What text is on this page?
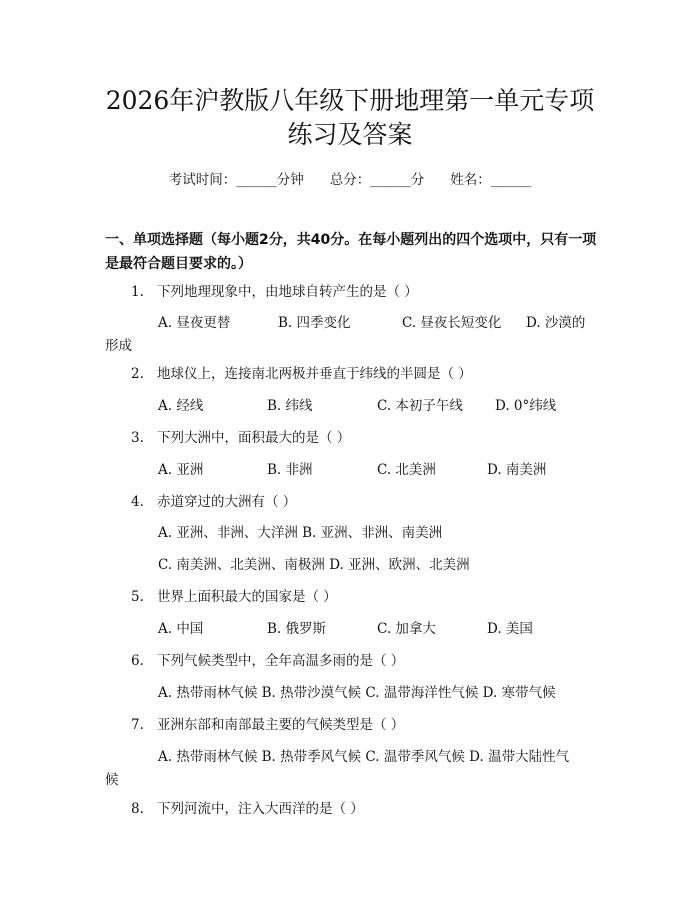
2026年沪教版八年级下册地理第一单元专项
练习及答案
考试时间：______分钟 总分：______分 姓名：______
一、单项选择题（每小题2分，共40分。在每小题列出的四个选项中，只有一项是最符合题目要求的。）
1. 下列地理现象中，由地球自转产生的是（ ）
A. 昼夜更替	B. 四季变化	C. 昼夜长短变化 D. 沙漠的
形成
2. 地球仪上，连接南北两极并垂直于纬线的半圆是（ ）
A. 经线	B. 纬线	C. 本初子午线 D. 0°纬线
3. 下列大洲中，面积最大的是（ ）
A. 亚洲	B. 非洲	C. 北美洲	D. 南美洲
4. 赤道穿过的大洲有（ ）
A. 亚洲、非洲、大洋洲 B. 亚洲、非洲、南美洲
C. 南美洲、北美洲、南极洲 D. 亚洲、欧洲、北美洲
5. 世界上面积最大的国家是（ ）
A. 中国	B. 俄罗斯	C. 加拿大	D. 美国
6. 下列气候类型中，全年高温多雨的是（ ）
A. 热带雨林气候 B. 热带沙漠气候 C. 温带海洋性气候 D. 寒带气候
7. 亚洲东部和南部最主要的气候类型是（ ）
A. 热带雨林气候 B. 热带季风气候 C. 温带季风气候 D. 温带大陆性气
候
8. 下列河流中，注入大西洋的是（ ）
